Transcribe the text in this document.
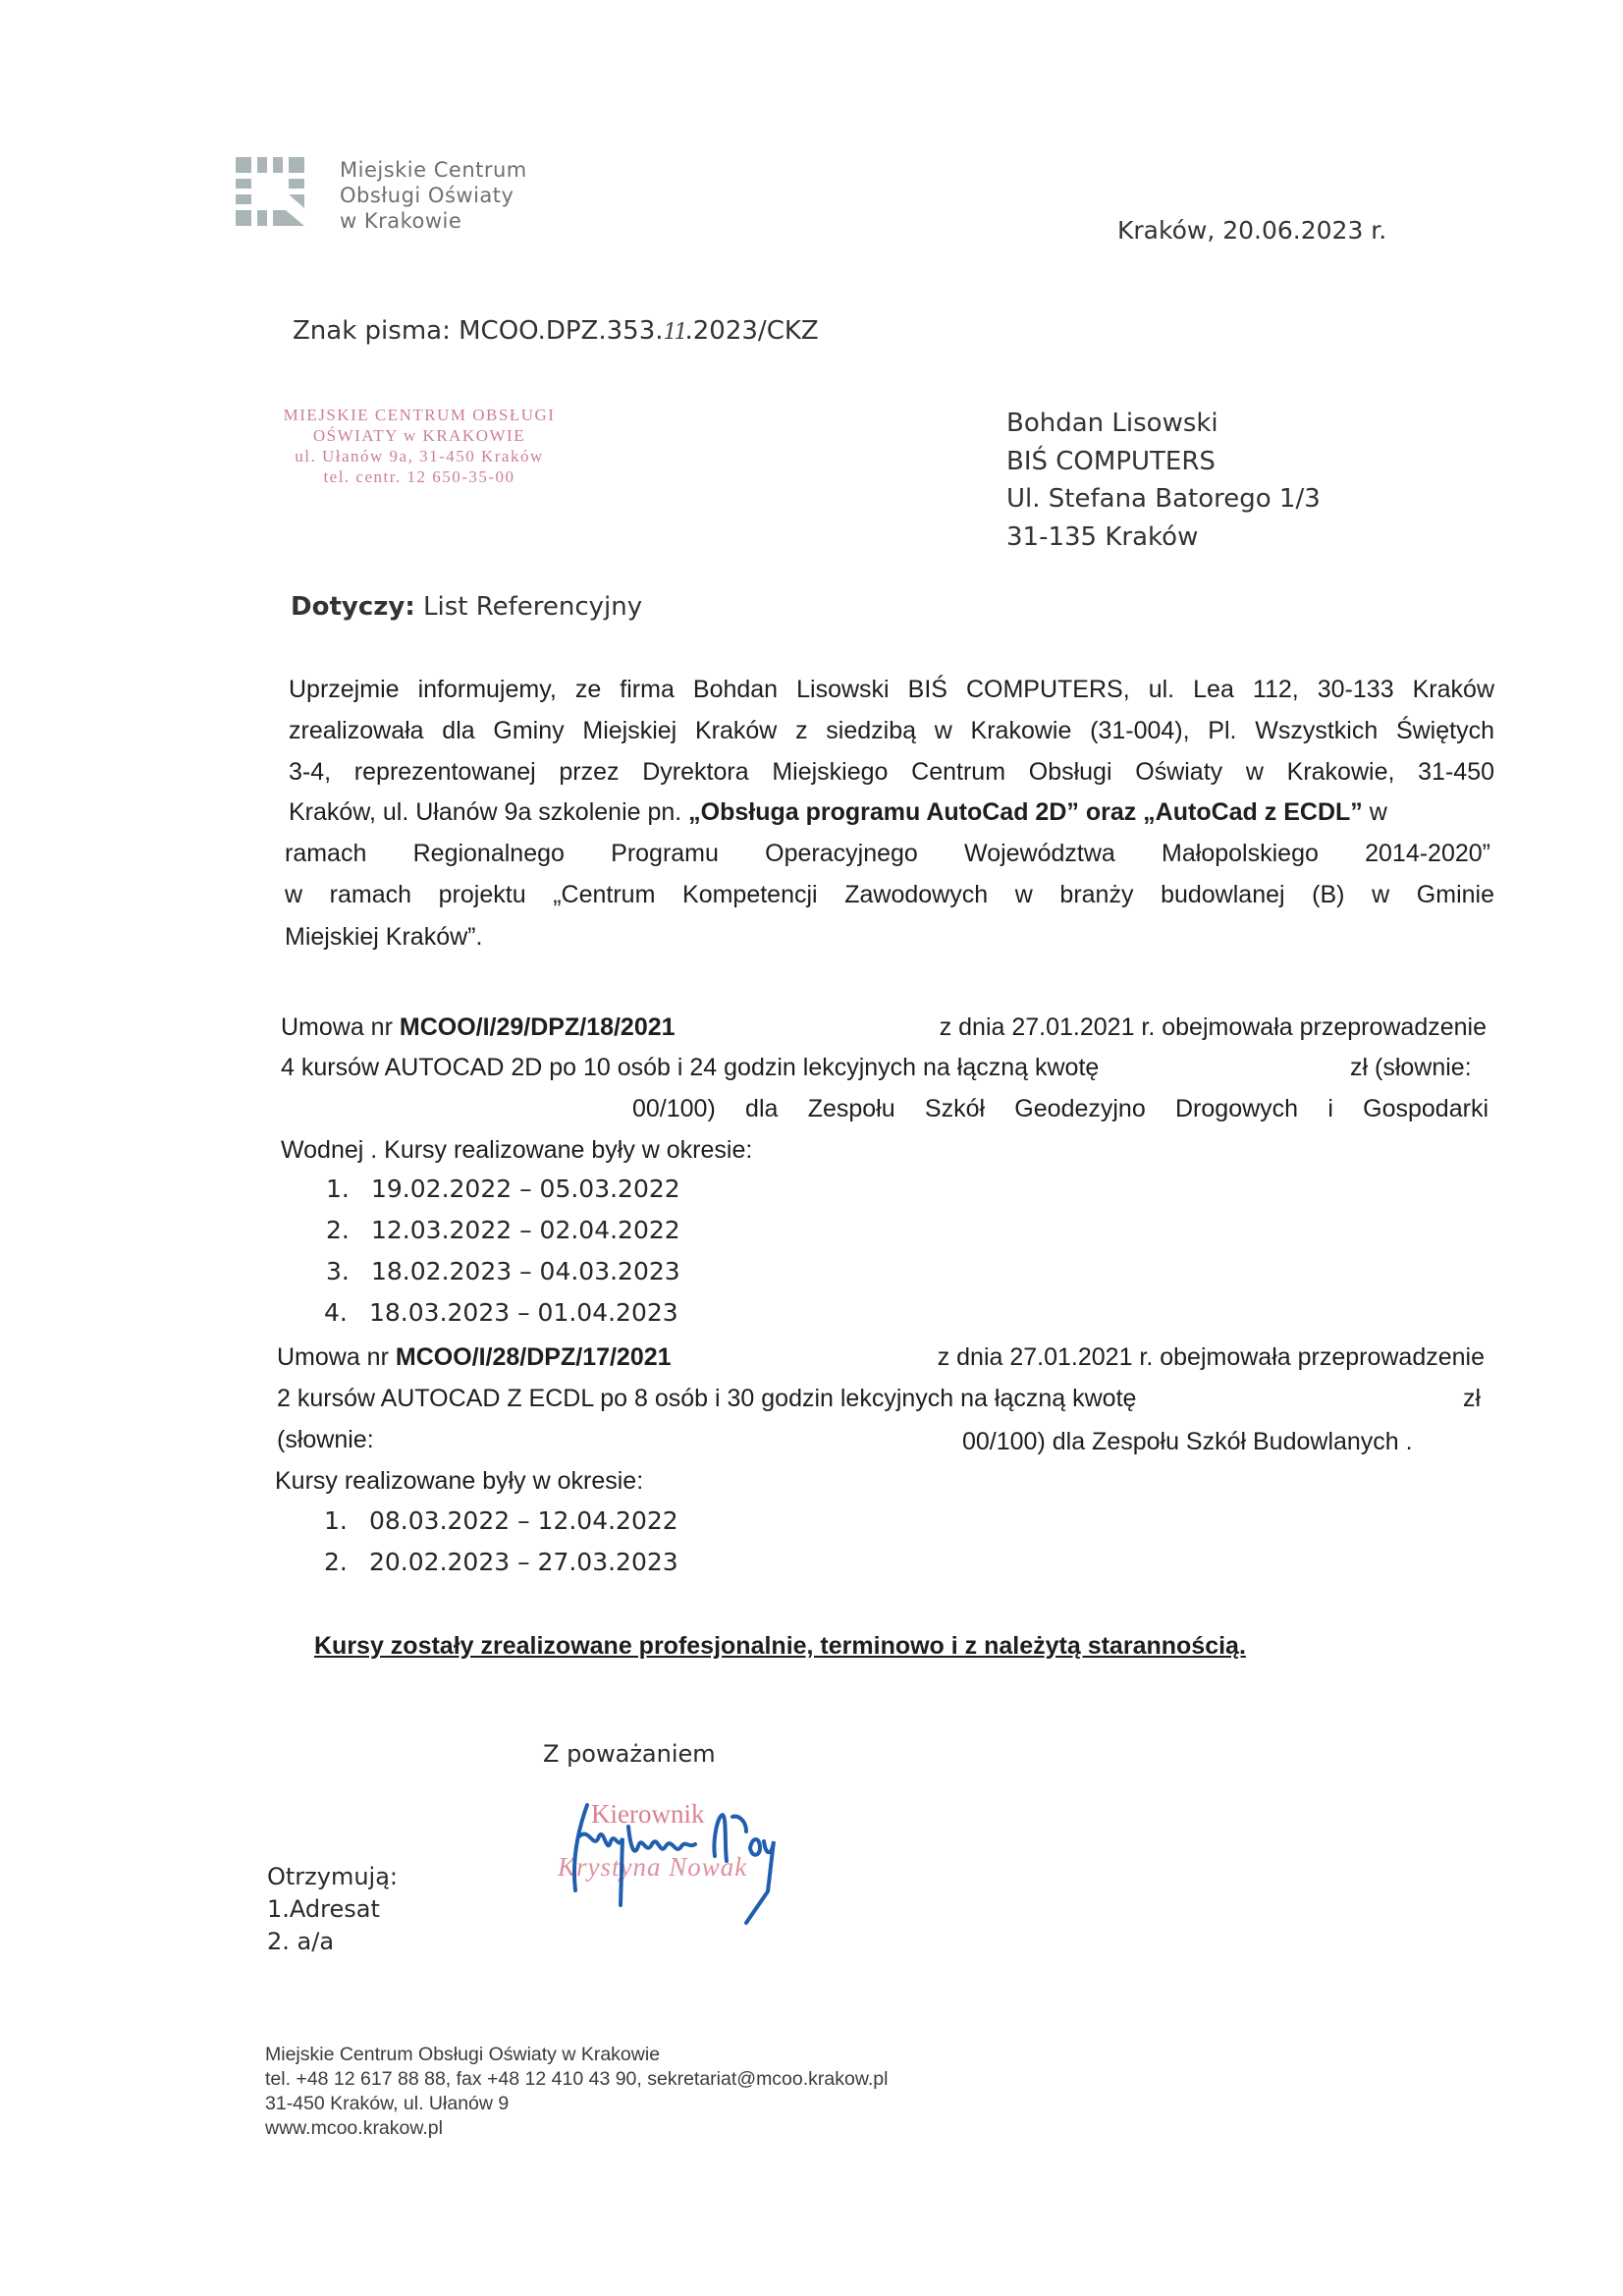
Miejskie Centrum
Obsługi Oświaty
w Krakowie	Kraków, 20.06.2023 r.
Znak pisma: MCOO.DPZ.353.11.2023/CKZ
MIEJSKIE CENTRUM OBSŁUGI
OŚWIATY w KRAKOWIE
ul. Ułanów 9a, 31-450 Kraków
tel. centr. 12 650-35-00
Bohdan Lisowski
BIŚ COMPUTERS
Ul. Stefana Batorego 1/3
31-135 Kraków
Dotyczy: List Referencyjny
Uprzejmie informujemy, ze firma Bohdan Lisowski BIŚ COMPUTERS, ul. Lea 112, 30-133 Kraków
zrealizowała dla Gminy Miejskiej Kraków z siedzibą w Krakowie (31-004), Pl. Wszystkich Świętych
3-4, reprezentowanej przez Dyrektora Miejskiego Centrum Obsługi Oświaty w Krakowie, 31-450
Kraków, ul. Ułanów 9a szkolenie pn. „Obsługa programu AutoCad 2D” oraz „AutoCad z ECDL” w
ramach Regionalnego Programu Operacyjnego Województwa Małopolskiego 2014-2020”
w ramach projektu „Centrum Kompetencji Zawodowych w branży budowlanej (B) w Gminie
Miejskiej Kraków”.
Umowa nr MCOO/I/29/DPZ/18/2021	z dnia 27.01.2021 r. obejmowała przeprowadzenie
4 kursów AUTOCAD 2D po 10 osób i 24 godzin lekcyjnych na łączną kwotę	zł (słownie:
00/100) dla Zespołu Szkół Geodezyjno Drogowych i Gospodarki
Wodnej . Kursy realizowane były w okresie:
1. 19.02.2022 – 05.03.2022
2. 12.03.2022 – 02.04.2022
3. 18.02.2023 – 04.03.2023
4. 18.03.2023 – 01.04.2023
Umowa nr MCOO/I/28/DPZ/17/2021	z dnia 27.01.2021 r. obejmowała przeprowadzenie
2 kursów AUTOCAD Z ECDL po 8 osób i 30 godzin lekcyjnych na łączną kwotę	zł
(słownie:	00/100) dla Zespołu Szkół Budowlanych .
Kursy realizowane były w okresie:
1. 08.03.2022 – 12.04.2022
2. 20.02.2023 – 27.03.2023
Kursy zostały zrealizowane profesjonalnie, terminowo i z należytą starannością.
Z poważaniem
Kierownik
Krystyna Nowak
Otrzymują:
1.Adresat
2. a/a
Miejskie Centrum Obsługi Oświaty w Krakowie
tel. +48 12 617 88 88, fax +48 12 410 43 90, sekretariat@mcoo.krakow.pl
31-450 Kraków, ul. Ułanów 9
www.mcoo.krakow.pl
